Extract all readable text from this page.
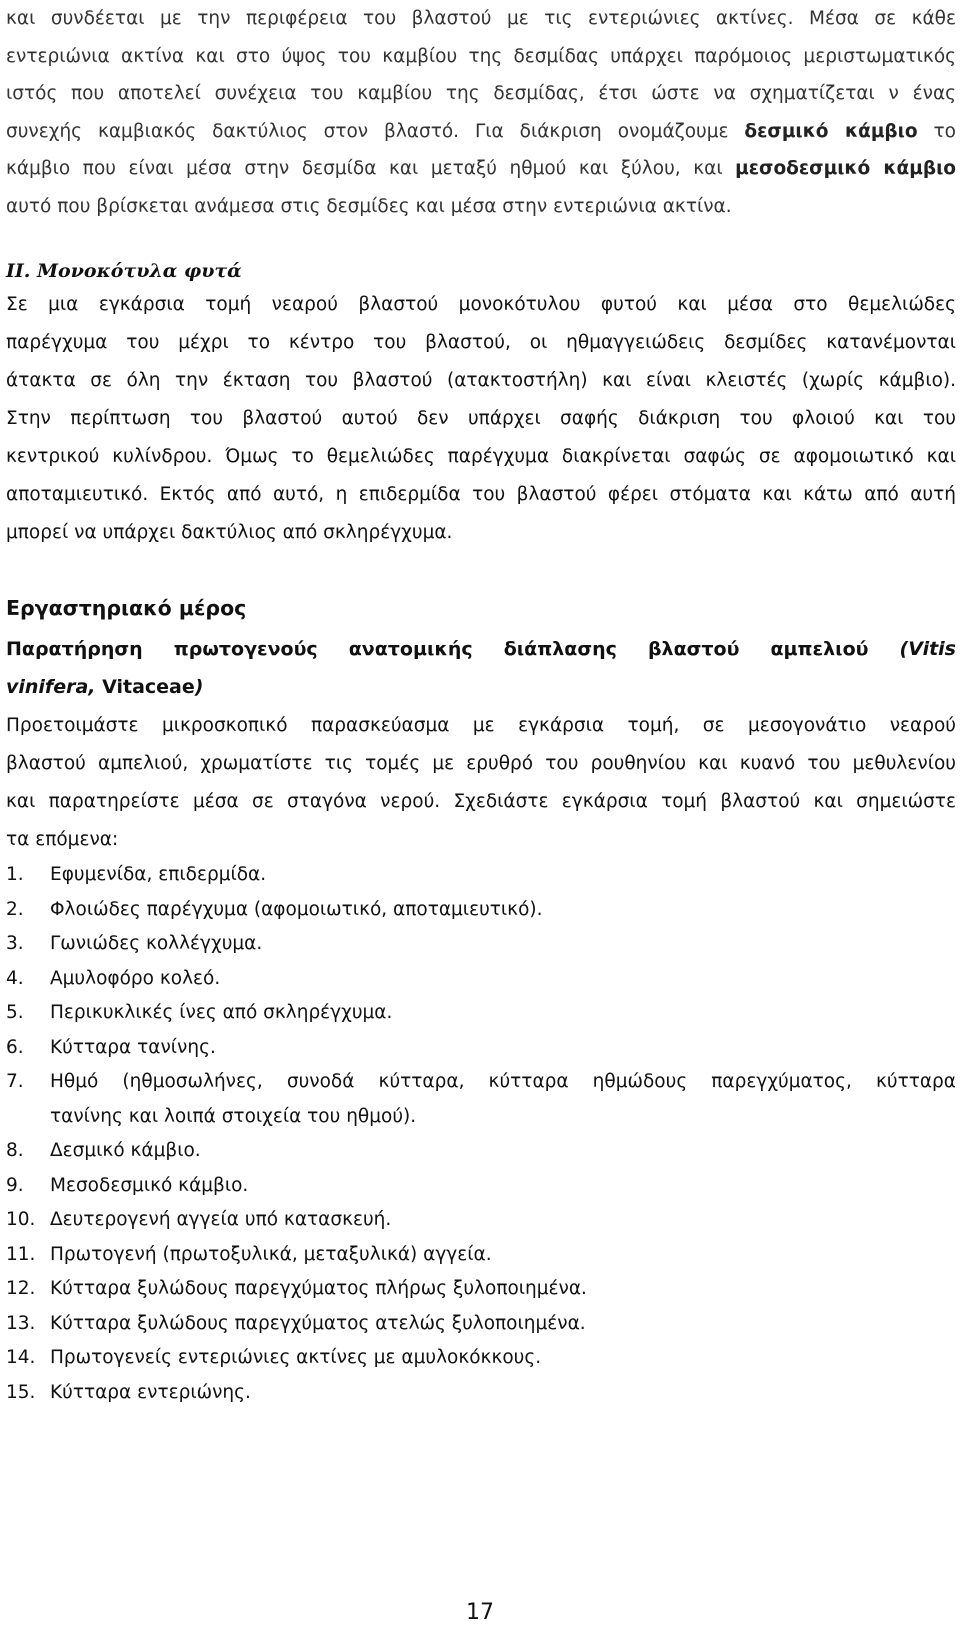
και συνδέεται με την περιφέρεια του βλαστού με τις εντεριώνιες ακτίνες. Μέσα σε κάθε
εντεριώνια ακτίνα και στο ύψος του καμβίου της δεσμίδας υπάρχει παρόμοιος μεριστωματικός
ιστός που αποτελεί συνέχεια του καμβίου της δεσμίδας, έτσι ώστε να σχηματίζεται ν ένας
συνεχής καμβιακός δακτύλιος στον βλαστό. Για διάκριση ονομάζουμε δεσμικό κάμβιο το
κάμβιο που είναι μέσα στην δεσμίδα και μεταξύ ηθμού και ξύλου, και μεσοδεσμικό κάμβιο
αυτό που βρίσκεται ανάμεσα στις δεσμίδες και μέσα στην εντεριώνια ακτίνα.
ΙΙ. Μονοκότυλα φυτά

Σε μια εγκάρσια τομή νεαρού βλαστού μονοκότυλου φυτού και μέσα στο θεμελιώδες

παρέγχυμα του μέχρι το κέντρο του βλαστού, οι ηθμαγγειώδεις δεσμίδες κατανέμονται

άτακτα σε όλη την έκταση του βλαστού (ατακτοστήλη) και είναι κλειστές (χωρίς κάμβιο).

Στην περίπτωση του βλαστού αυτού δεν υπάρχει σαφής διάκριση του φλοιού και του

κεντρικού κυλίνδρου. Όμως το θεμελιώδες παρέγχυμα διακρίνεται σαφώς σε αφομοιωτικό και

αποταμιευτικό. Εκτός από αυτό, η επιδερμίδα του βλαστού φέρει στόματα και κάτω από αυτή

μπορεί να υπάρχει δακτύλιος από σκληρέγχυμα.

Εργαστηριακό μέρος

Παρατήρηση πρωτογενούς ανατομικής διάπλασης βλαστού αμπελιού (Vitis

vinifera, Vitaceae)

Προετοιμάστε μικροσκοπικό παρασκεύασμα με εγκάρσια τομή, σε μεσογονάτιο νεαρού

βλαστού αμπελιού, χρωματίστε τις τομές με ερυθρό του ρουθηνίου και κυανό του μεθυλενίου

και παρατηρείστε μέσα σε σταγόνα νερού. Σχεδιάστε εγκάρσια τομή βλαστού και σημειώστε

τα επόμενα:

1. Εφυμενίδα, επιδερμίδα.
2. Φλοιώδες παρέγχυμα (αφομοιωτικό, αποταμιευτικό).
3. Γωνιώδες κολλέγχυμα.
4. Αμυλοφόρο κολεό.
5. Περικυκλικές ίνες από σκληρέγχυμα.
6. Κύτταρα τανίνης.
7. Ηθμό (ηθμοσωλήνες, συνοδά κύτταρα, κύτταρα ηθμώδους παρεγχύματος, κύτταρα
τανίνης και λοιπά στοιχεία του ηθμού).
8. Δεσμικό κάμβιο.
9. Μεσοδεσμικό κάμβιο.
10. Δευτερογενή αγγεία υπό κατασκευή.
11. Πρωτογενή (πρωτοξυλικά, μεταξυλικά) αγγεία.
12. Κύτταρα ξυλώδους παρεγχύματος πλήρως ξυλοποιημένα.
13. Κύτταρα ξυλώδους παρεγχύματος ατελώς ξυλοποιημένα.
14. Πρωτογενείς εντεριώνιες ακτίνες με αμυλοκόκκους.
15. Κύτταρα εντεριώνης.
17
